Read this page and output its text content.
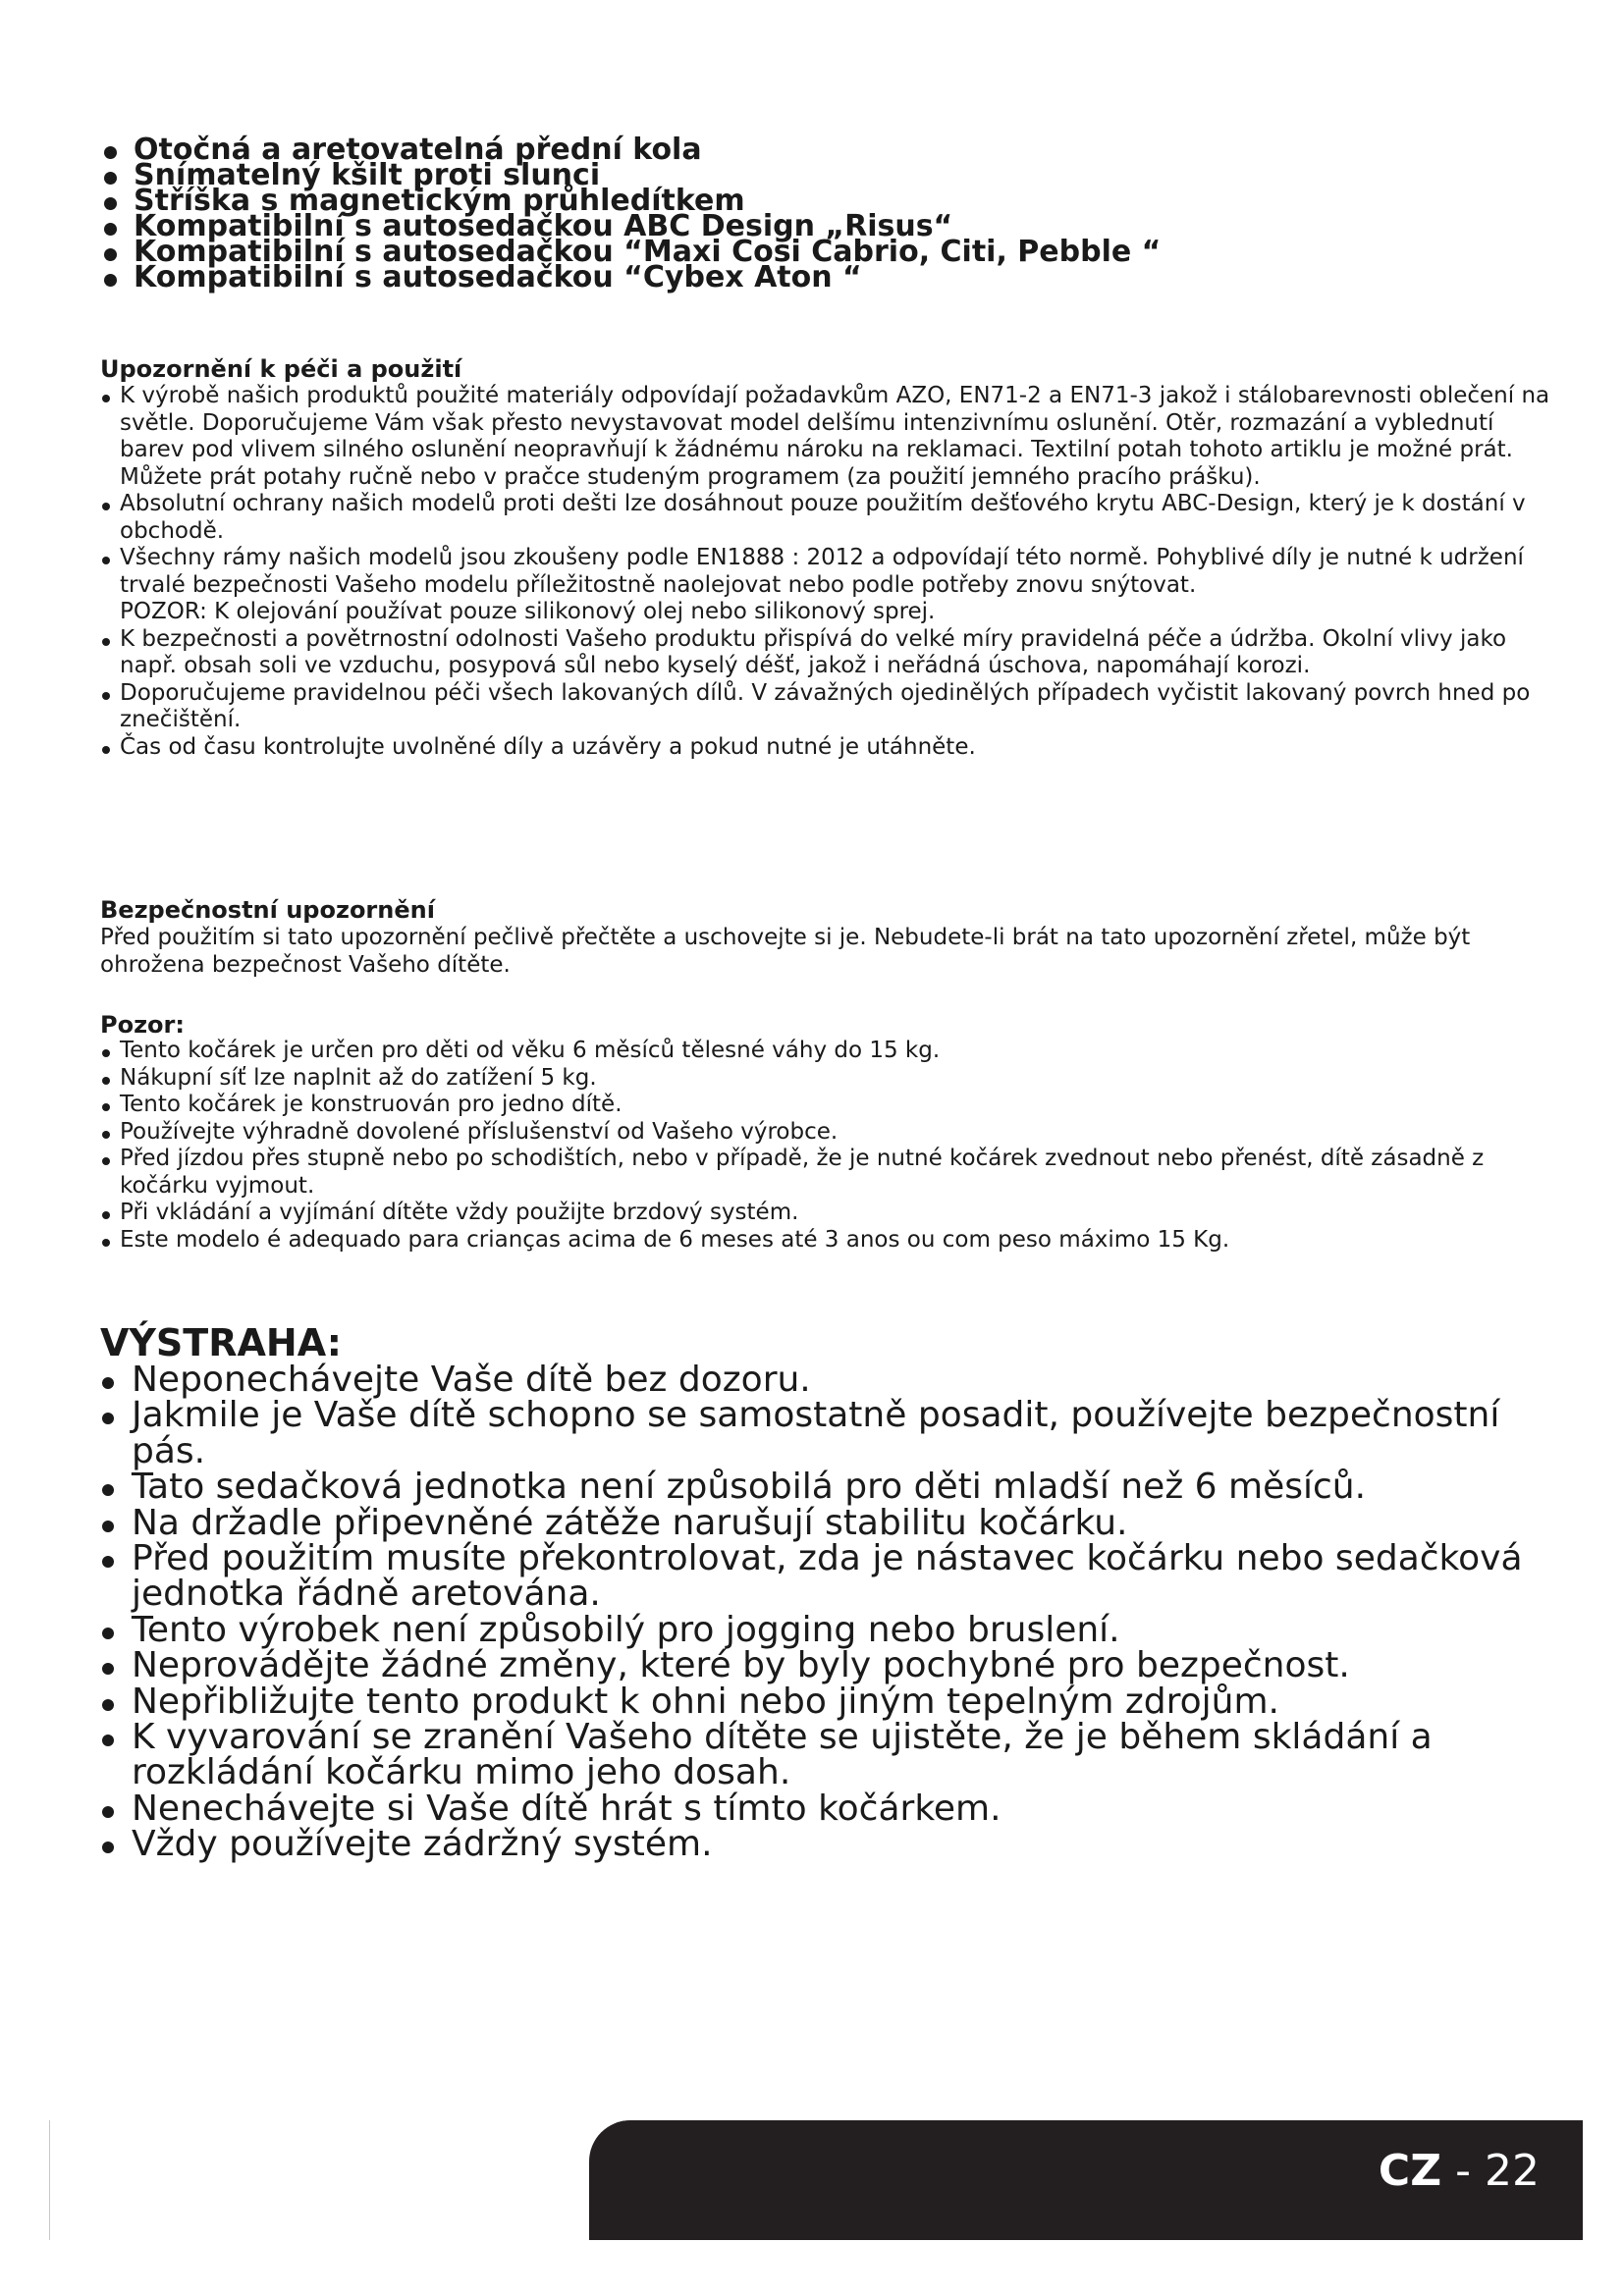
Otočná a aretovatelná přední kola
Snímatelný kšilt proti slunci
Stříška s magnetickým průhledítkem
Kompatibilní s autosedačkou ABC Design „Risus“
Kompatibilní s autosedačkou “Maxi Cosi Cabrio, Citi, Pebble “
Kompatibilní s autosedačkou “Cybex Aton “
Upozornění k péči a použití
K výrobě našich produktů použité materiály odpovídají požadavkům AZO, EN71-2 a EN71-3 jakož i stálobarevnosti oblečení na světle. Doporučujeme Vám však přesto nevystavovat model delšímu intenzivnímu oslunění. Otěr, rozmazání a vyblednutí barev pod vlivem silného oslunění neopravňují k žádnému nároku na reklamaci. Textilní potah tohoto artiklu je možné prát. Můžete prát potahy ručně nebo v pračce studeným programem (za použití jemného pracího prášku).
Absolutní ochrany našich modelů proti dešti lze dosáhnout pouze použitím dešťového krytu ABC-Design, který je k dostání v obchodě.
Všechny rámy našich modelů jsou zkoušeny podle EN1888 : 2012 a odpovídají této normě. Pohyblivé díly je nutné k udržení trvalé bezpečnosti Vašeho modelu příležitostně naolejovat nebo podle potřeby znovu snýtovat.
POZOR: K olejování používat pouze silikonový olej nebo silikonový sprej.
K bezpečnosti a povětrnostní odolnosti Vašeho produktu přispívá do velké míry pravidelná péče a údržba. Okolní vlivy jako např. obsah soli ve vzduchu, posypová sůl nebo kyselý déšť, jakož i neřádná úschova, napomáhají korozi.
Doporučujeme pravidelnou péči všech lakovaných dílů. V závažných ojedinělých případech vyčistit lakovaný povrch hned po znečištění.
Čas od času kontrolujte uvolněné díly a uzávěry a pokud nutné je utáhněte.
Bezpečnostní upozornění

Před použitím si tato upozornění pečlivě přečtěte a uschovejte si je. Nebudete-li brát na tato upozornění zřetel, může být ohrožena bezpečnost Vašeho dítěte.

Pozor:
Tento kočárek je určen pro děti od věku 6 měsíců tělesné váhy do 15 kg.
Nákupní síť lze naplnit až do zatížení 5 kg.
Tento kočárek je konstruován pro jedno dítě.
Používejte výhradně dovolené příslušenství od Vašeho výrobce.
Před jízdou přes stupně nebo po schodištích, nebo v případě, že je nutné kočárek zvednout nebo přenést, dítě zásadně z kočárku vyjmout.
Při vkládání a vyjímání dítěte vždy použijte brzdový systém.
Este modelo é adequado para crianças acima de 6 meses até 3 anos ou com peso máximo 15 Kg.
VÝSTRAHA:
Neponechávejte Vaše dítě bez dozoru.
Jakmile je Vaše dítě schopno se samostatně posadit, používejte bezpečnostní pás.
Tato sedačková jednotka není způsobilá pro děti mladší než 6 měsíců.
Na držadle připevněné zátěže narušují stabilitu kočárku.
Před použitím musíte překontrolovat, zda je nástavec kočárku nebo sedačková jednotka řádně aretována.
Tento výrobek není způsobilý pro jogging nebo bruslení.
Neprovádějte žádné změny, které by byly pochybné pro bezpečnost.
Nepřibližujte tento produkt k ohni nebo jiným tepelným zdrojům.
K vyvarování se zranění Vašeho dítěte se ujistěte, že je během skládání a rozkládání kočárku mimo jeho dosah.
Nenechávejte si Vaše dítě hrát s tímto kočárkem.
Vždy používejte zádržný systém.
CZ - 22
